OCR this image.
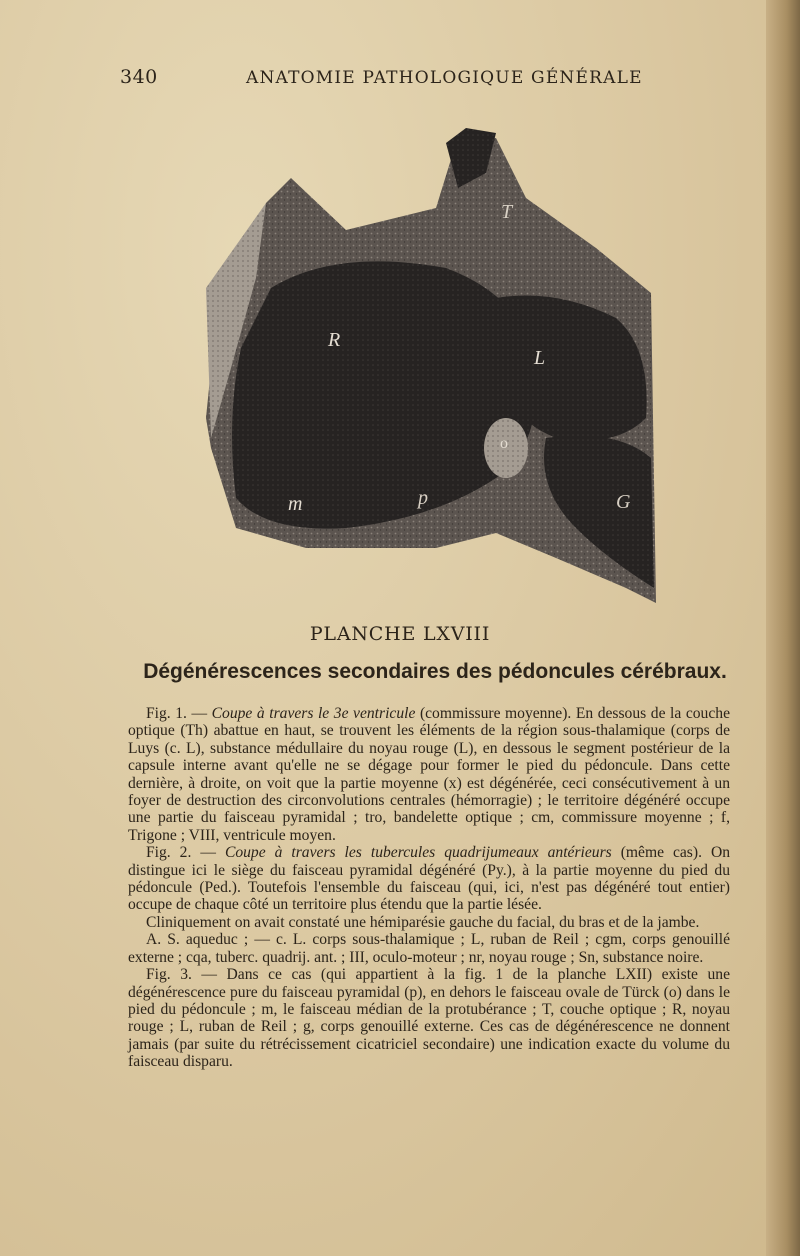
340	ANATOMIE PATHOLOGIQUE GÉNÉRALE
T
R
L
o
m	p	G
PLANCHE LXVIII
Dégénérescences secondaires des pédoncules cérébraux.

Fig. 1. — Coupe à travers le 3e ventricule (commissure moyenne). En dessous de la couche optique (Th) abattue en haut, se trouvent les éléments de la région sous-thalamique (corps de Luys (c. L), substance médullaire du noyau rouge (L), en dessous le segment postérieur de la capsule interne avant qu'elle ne se dégage pour former le pied du pédoncule. Dans cette dernière, à droite, on voit que la partie moyenne (x) est dégénérée, ceci consécutivement à un foyer de destruction des circonvolutions centrales (hémorragie) ; le territoire dégénéré occupe une partie du faisceau pyramidal ; tro, bandelette optique ; cm, commissure moyenne ; f, Trigone ; VIII, ventricule moyen.

Fig. 2. — Coupe à travers les tubercules quadrijumeaux antérieurs (même cas). On distingue ici le siège du faisceau pyramidal dégénéré (Py.), à la partie moyenne du pied du pédoncule (Ped.). Toutefois l'ensemble du faisceau (qui, ici, n'est pas dégénéré tout entier) occupe de chaque côté un territoire plus étendu que la partie lésée.

Cliniquement on avait constaté une hémiparésie gauche du facial, du bras et de la jambe.

A. S. aqueduc ; — c. L. corps sous-thalamique ; L, ruban de Reil ; cgm, corps genouillé externe ; cqa, tuberc. quadrij. ant. ; III, oculo-moteur ; nr, noyau rouge ; Sn, substance noire.

Fig. 3. — Dans ce cas (qui appartient à la fig. 1 de la planche LXII) existe une dégénérescence pure du faisceau pyramidal (p), en dehors le faisceau ovale de Türck (o) dans le pied du pédoncule ; m, le faisceau médian de la protubérance ; T, couche optique ; R, noyau rouge ; L, ruban de Reil ; g, corps genouillé externe. Ces cas de dégénérescence ne donnent jamais (par suite du rétrécissement cicatriciel secondaire) une indication exacte du volume du faisceau disparu.
